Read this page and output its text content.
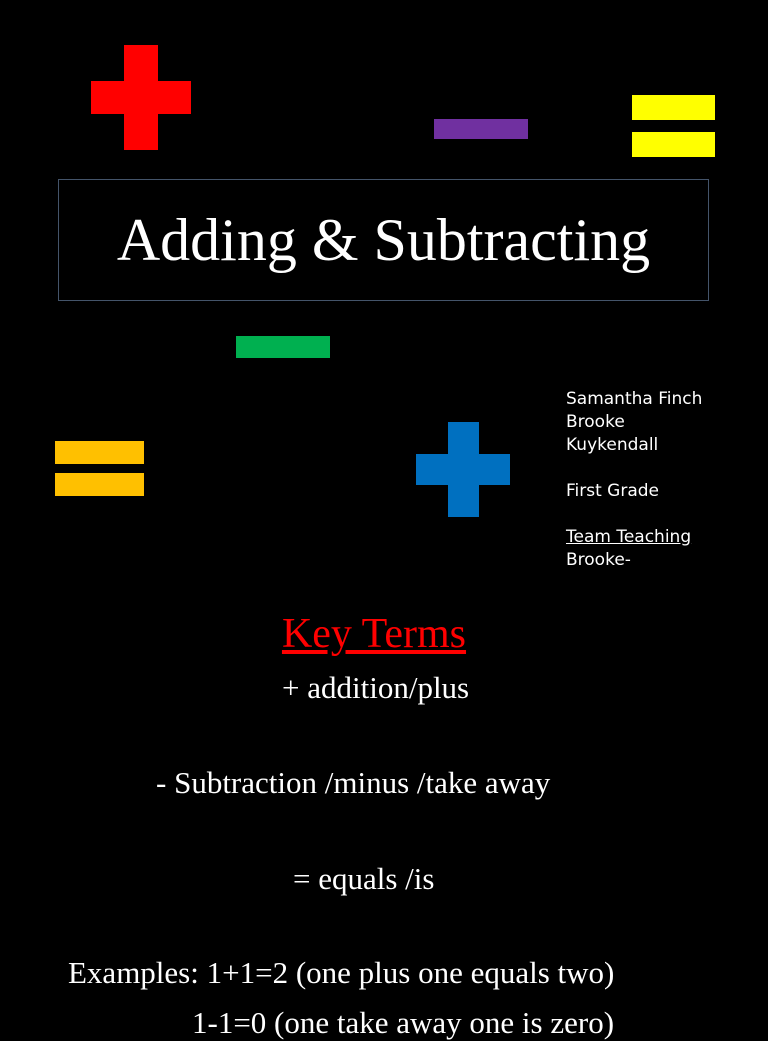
Adding & Subtracting
Samantha Finch
Brooke
Kuykendall
First Grade
Team Teaching
Brooke-
Key Terms
+ addition/plus
- Subtraction /minus /take away
= equals /is
Examples: 1+1=2 (one plus one equals two)
1-1=0 (one take away one is zero)
